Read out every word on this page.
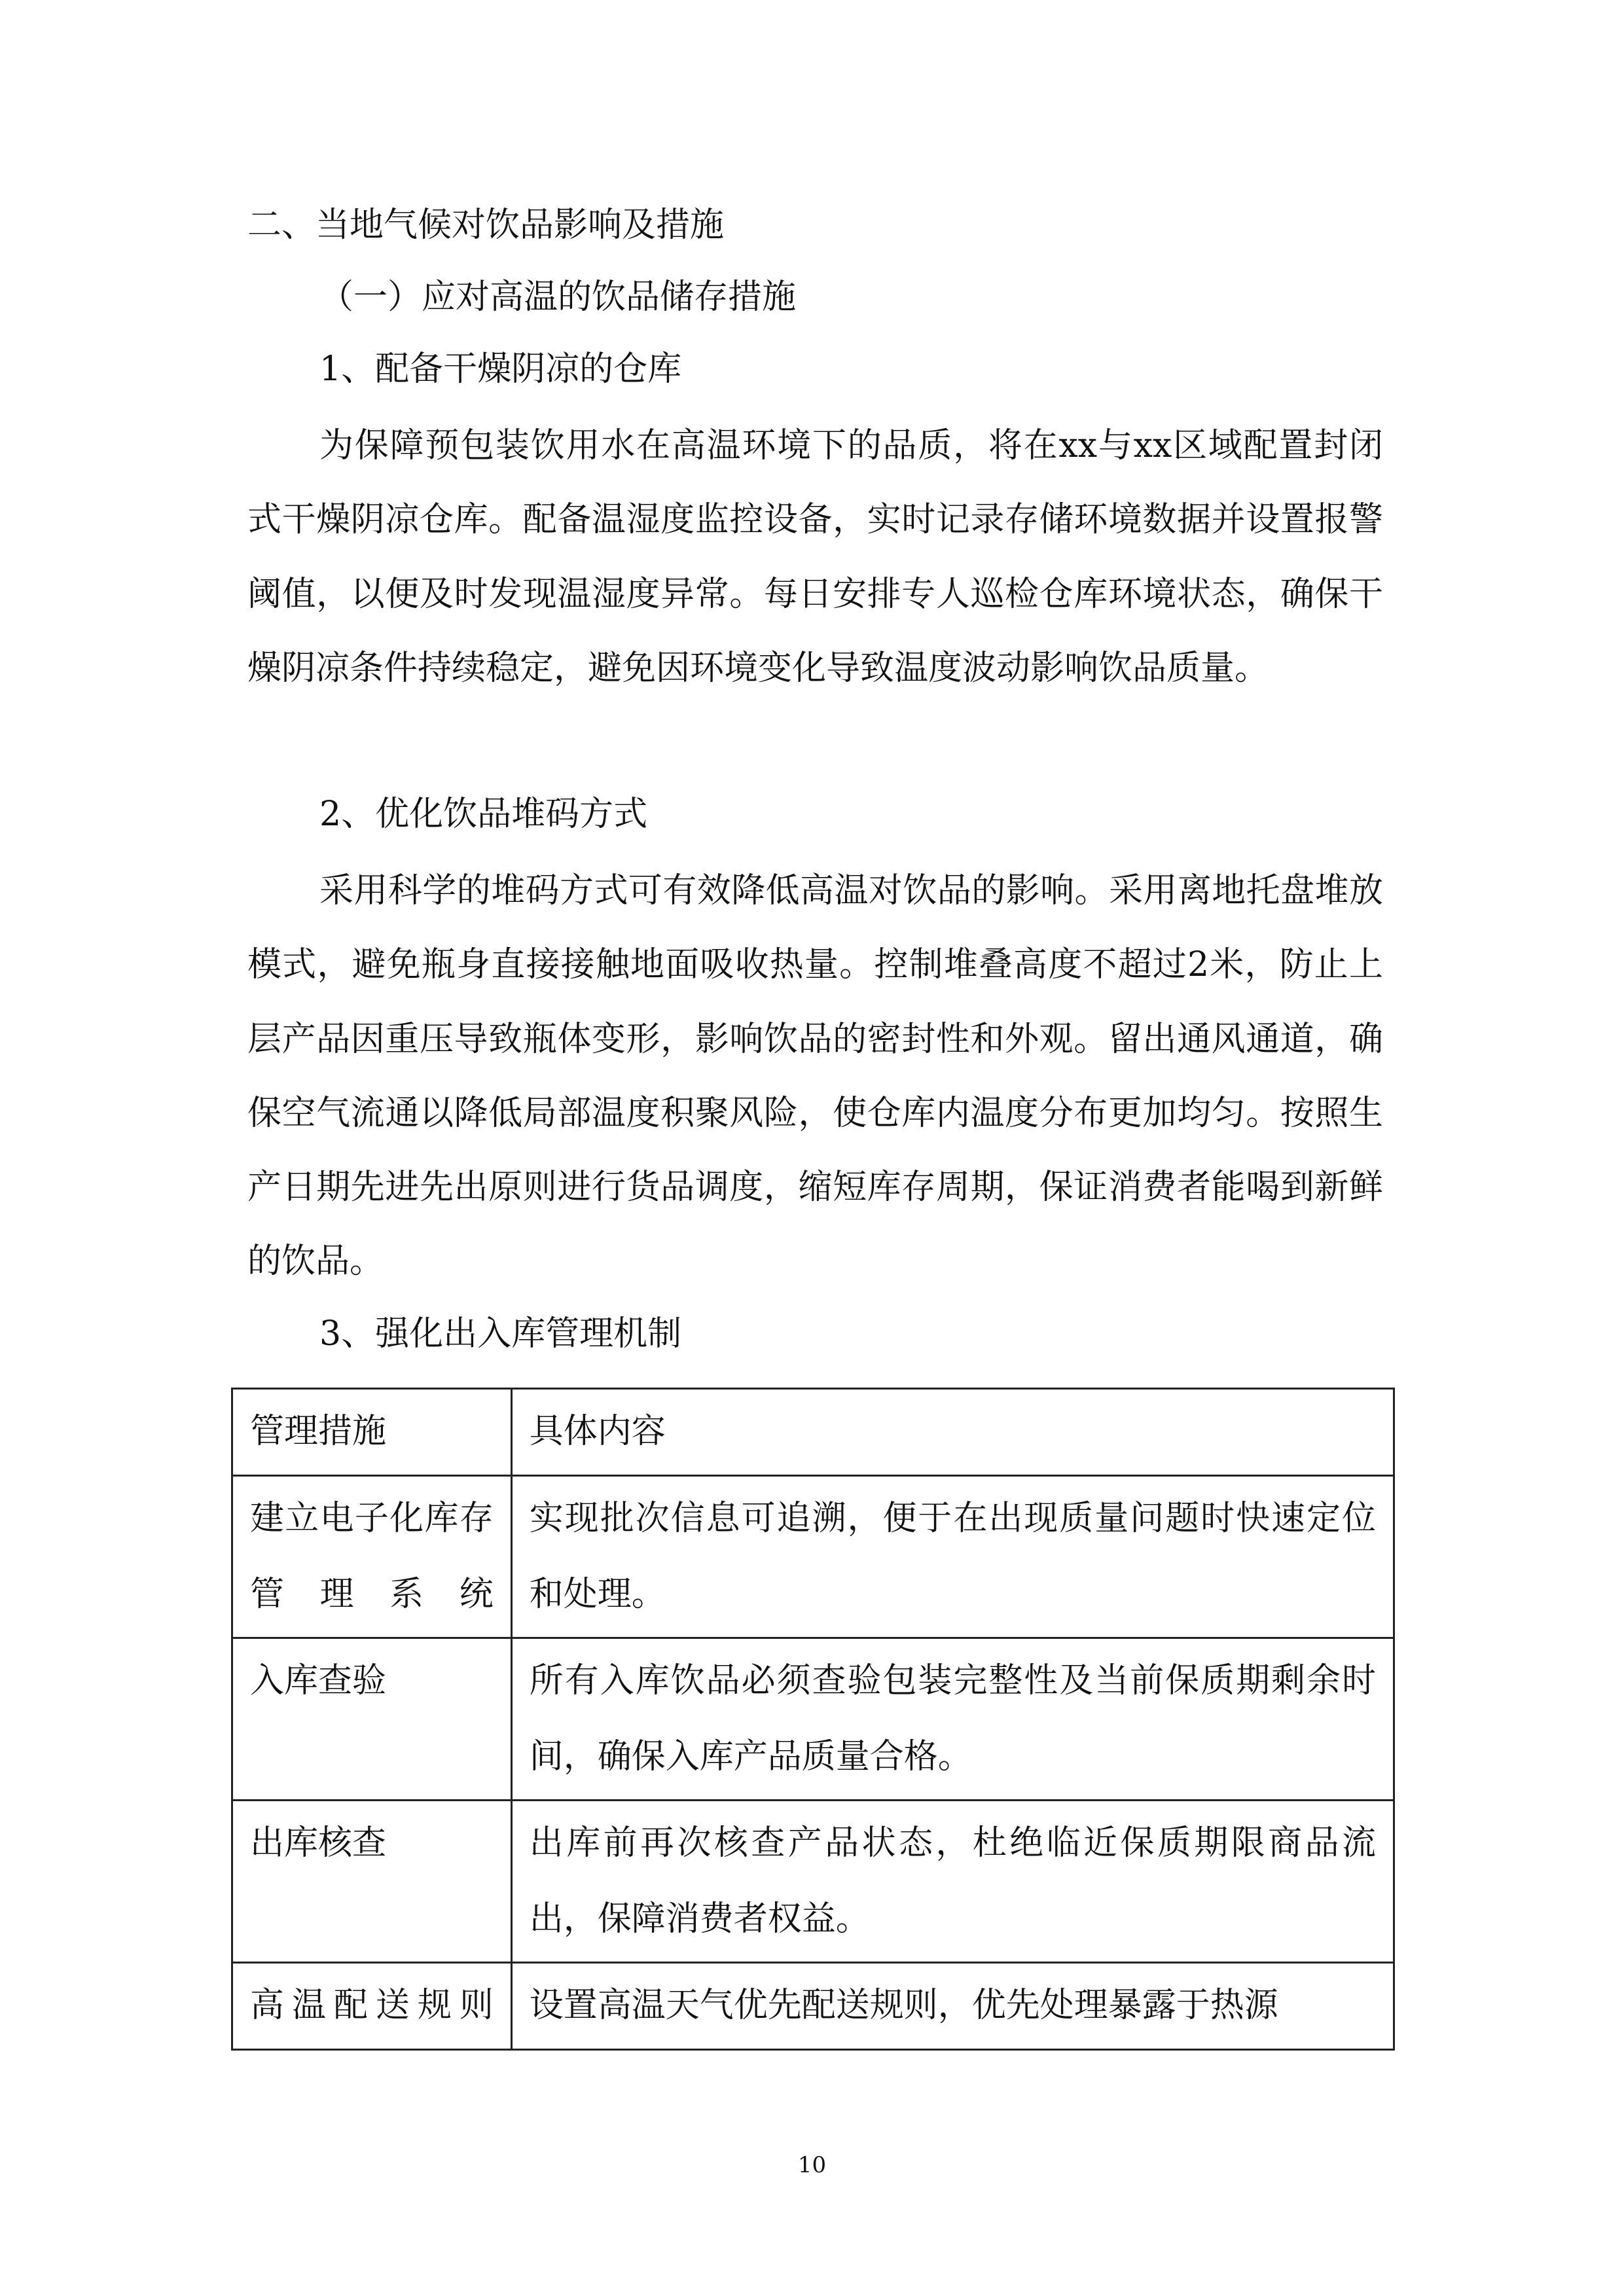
二、当地气候对饮品影响及措施
（一）应对高温的饮品储存措施
1、配备干燥阴凉的仓库

为保障预包装饮用水在高温环境下的品质，将在xx与xx区域配置封闭式干燥阴凉仓库。配备温湿度监控设备，实时记录存储环境数据并设置报警阈值，以便及时发现温湿度异常。每日安排专人巡检仓库环境状态，确保干燥阴凉条件持续稳定，避免因环境变化导致温度波动影响饮品质量。

2、优化饮品堆码方式

采用科学的堆码方式可有效降低高温对饮品的影响。采用离地托盘堆放模式，避免瓶身直接接触地面吸收热量。控制堆叠高度不超过2米，防止上层产品因重压导致瓶体变形，影响饮品的密封性和外观。留出通风通道，确保空气流通以降低局部温度积聚风险，使仓库内温度分布更加均匀。按照生产日期先进先出原则进行货品调度，缩短库存周期，保证消费者能喝到新鲜的饮品。

3、强化出入库管理机制
管理措施	具体内容

建立电子化库存管理系统	实现批次信息可追溯，便于在出现质量问题时快速定位和处理。

入库查验	所有入库饮品必须查验包装完整性及当前保质期剩余时间，确保入库产品质量合格。

出库核查	出库前再次核查产品状态，杜绝临近保质期限商品流出，保障消费者权益。

高温配送规则	设置高温天气优先配送规则，优先处理暴露于热源
10
